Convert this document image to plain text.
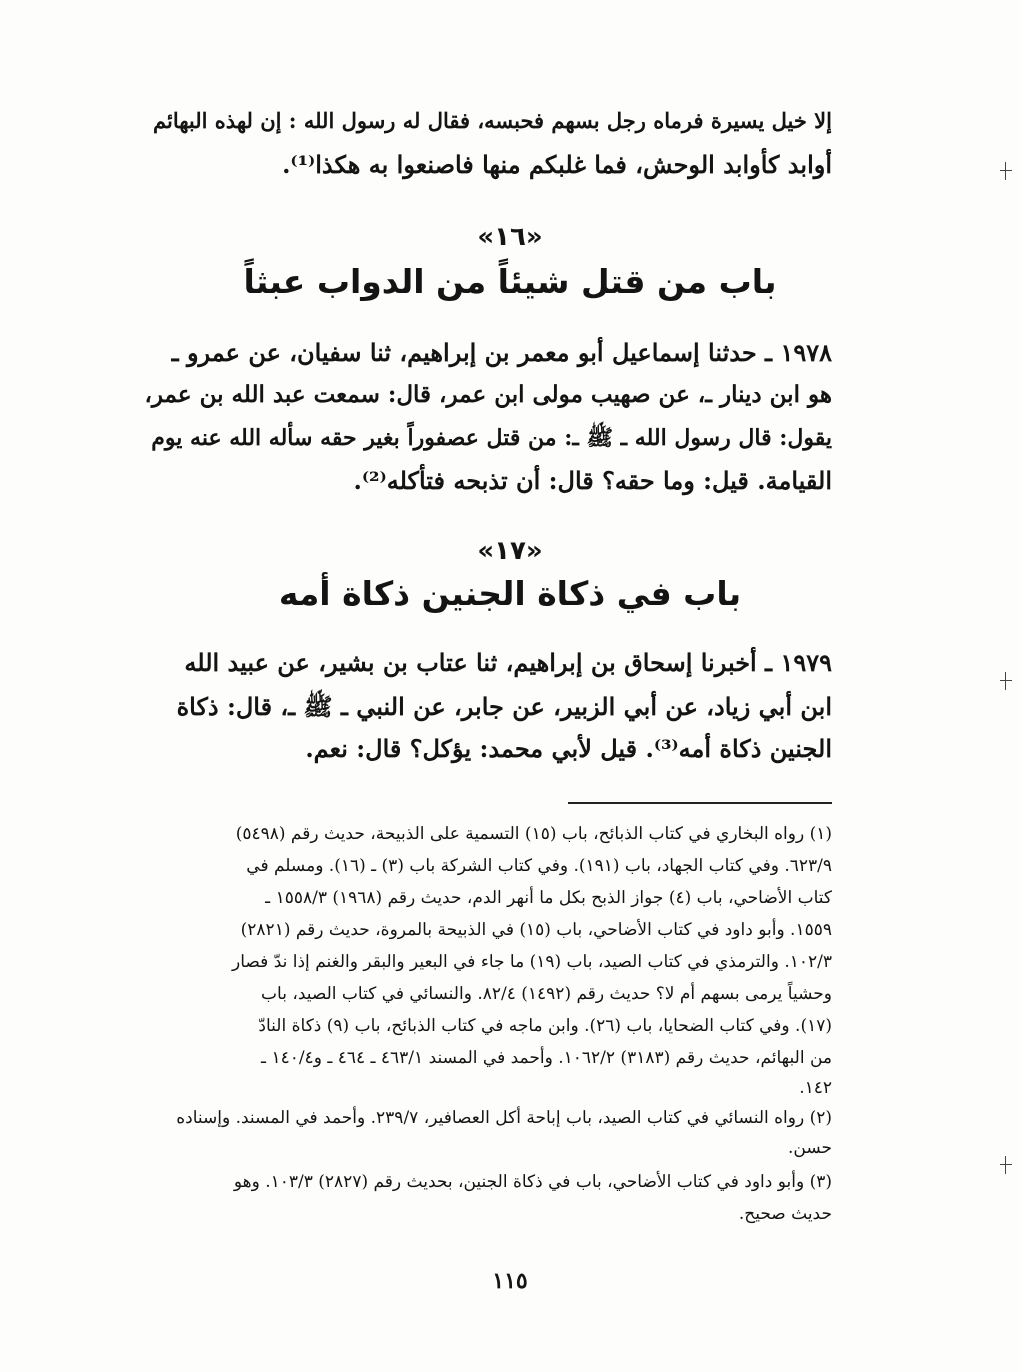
إلا خيل يسيرة فرماه رجل بسهم فحبسه، فقال له رسول الله : إن لهذه البهائم
أوابد كأوابد الوحش، فما غلبكم منها فاصنعوا به هكذا⁽¹⁾.
«١٦»
باب من قتل شيئاً من الدواب عبثاً
١٩٧٨ ـ حدثنا إسماعيل أبو معمر بن إبراهيم، ثنا سفيان، عن عمرو ـ
هو ابن دينار ـ، عن صهيب مولى ابن عمر، قال: سمعت عبد الله بن عمر،
يقول: قال رسول الله ـ ﷺ ـ: من قتل عصفوراً بغير حقه سأله الله عنه يوم
القيامة. قيل: وما حقه؟ قال: أن تذبحه فتأكله⁽²⁾.
«١٧»
باب في ذكاة الجنين ذكاة أمه
١٩٧٩ ـ أخبرنا إسحاق بن إبراهيم، ثنا عتاب بن بشير، عن عبيد الله
ابن أبي زياد، عن أبي الزبير، عن جابر، عن النبي ـ ﷺ ـ، قال: ذكاة
الجنين ذكاة أمه⁽³⁾. قيل لأبي محمد: يؤكل؟ قال: نعم.
(١) رواه البخاري في كتاب الذبائح، باب (١٥) التسمية على الذبيحة، حديث رقم (٥٤٩٨)
٦٢٣/٩. وفي كتاب الجهاد، باب (١٩١). وفي كتاب الشركة باب (٣) ـ (١٦). ومسلم في
كتاب الأضاحي، باب (٤) جواز الذبح بكل ما أنهر الدم، حديث رقم (١٩٦٨) ١٥٥٨/٣ ـ
١٥٥٩. وأبو داود في كتاب الأضاحي، باب (١٥) في الذبيحة بالمروة، حديث رقم (٢٨٢١)
١٠٢/٣. والترمذي في كتاب الصيد، باب (١٩) ما جاء في البعير والبقر والغنم إذا ندّ فصار
وحشياً يرمى بسهم أم لا؟ حديث رقم (١٤٩٢) ٨٢/٤. والنسائي في كتاب الصيد، باب
(١٧). وفي كتاب الضحايا، باب (٢٦). وابن ماجه في كتاب الذبائح، باب (٩) ذكاة النادّ
من البهائم، حديث رقم (٣١٨٣) ١٠٦٢/٢. وأحمد في المسند ٤٦٣/١ ـ ٤٦٤ ـ و١٤٠/٤ ـ
١٤٢.
(٢) رواه النسائي في كتاب الصيد، باب إباحة أكل العصافير، ٢٣٩/٧. وأحمد في المسند. وإسناده
حسن.
(٣) وأبو داود في كتاب الأضاحي، باب في ذكاة الجنين، بحديث رقم (٢٨٢٧) ١٠٣/٣. وهو
حديث صحيح.
١١٥
